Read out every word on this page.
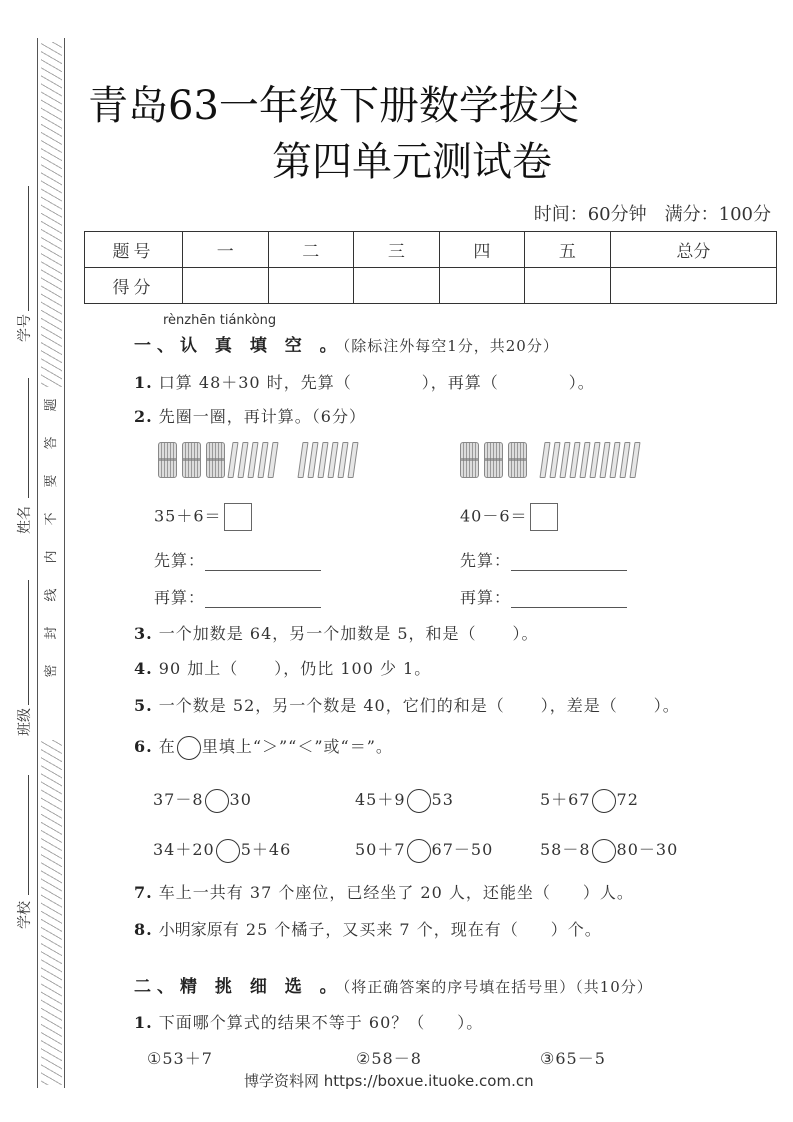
题
答
要
不
内
线
封
密
学号
姓名
班级
学校
青岛63一年级下册数学拔尖
第四单元测试卷
时间：60分钟 满分：100分
题号	一	二	三	四	五	总分
得分						
rènzhēn tiánkòng
一、认 真 填 空 。（除标注外每空1分，共20分）
1. 口算 48＋30 时，先算（	），再算（	）。
2. 先圈一圈，再计算。（6分）
35＋6＝	40－6＝
先算：	先算：
再算：	再算：
3. 一个加数是 64，另一个加数是 5，和是（ ）。
4. 90 加上（ ），仍比 100 少 1。
5. 一个数是 52，另一个数是 40，它们的和是（ ），差是（ ）。
6. 在 里填上“＞”“＜”或“＝”。
37－8 30	45＋9 53	5＋67 72
34＋20 5＋46	50＋7 67－50	58－8 80－30
7. 车上一共有 37 个座位，已经坐了 20 人，还能坐（ ）人。
8. 小明家原有 25 个橘子，又买来 7 个，现在有（ ）个。
二、精 挑 细 选 。（将正确答案的序号填在括号里）（共10分）
1. 下面哪个算式的结果不等于 60？（ ）。
①53＋7	②58－8	③65－5
博学资料网 https://boxue.ituoke.com.cn
